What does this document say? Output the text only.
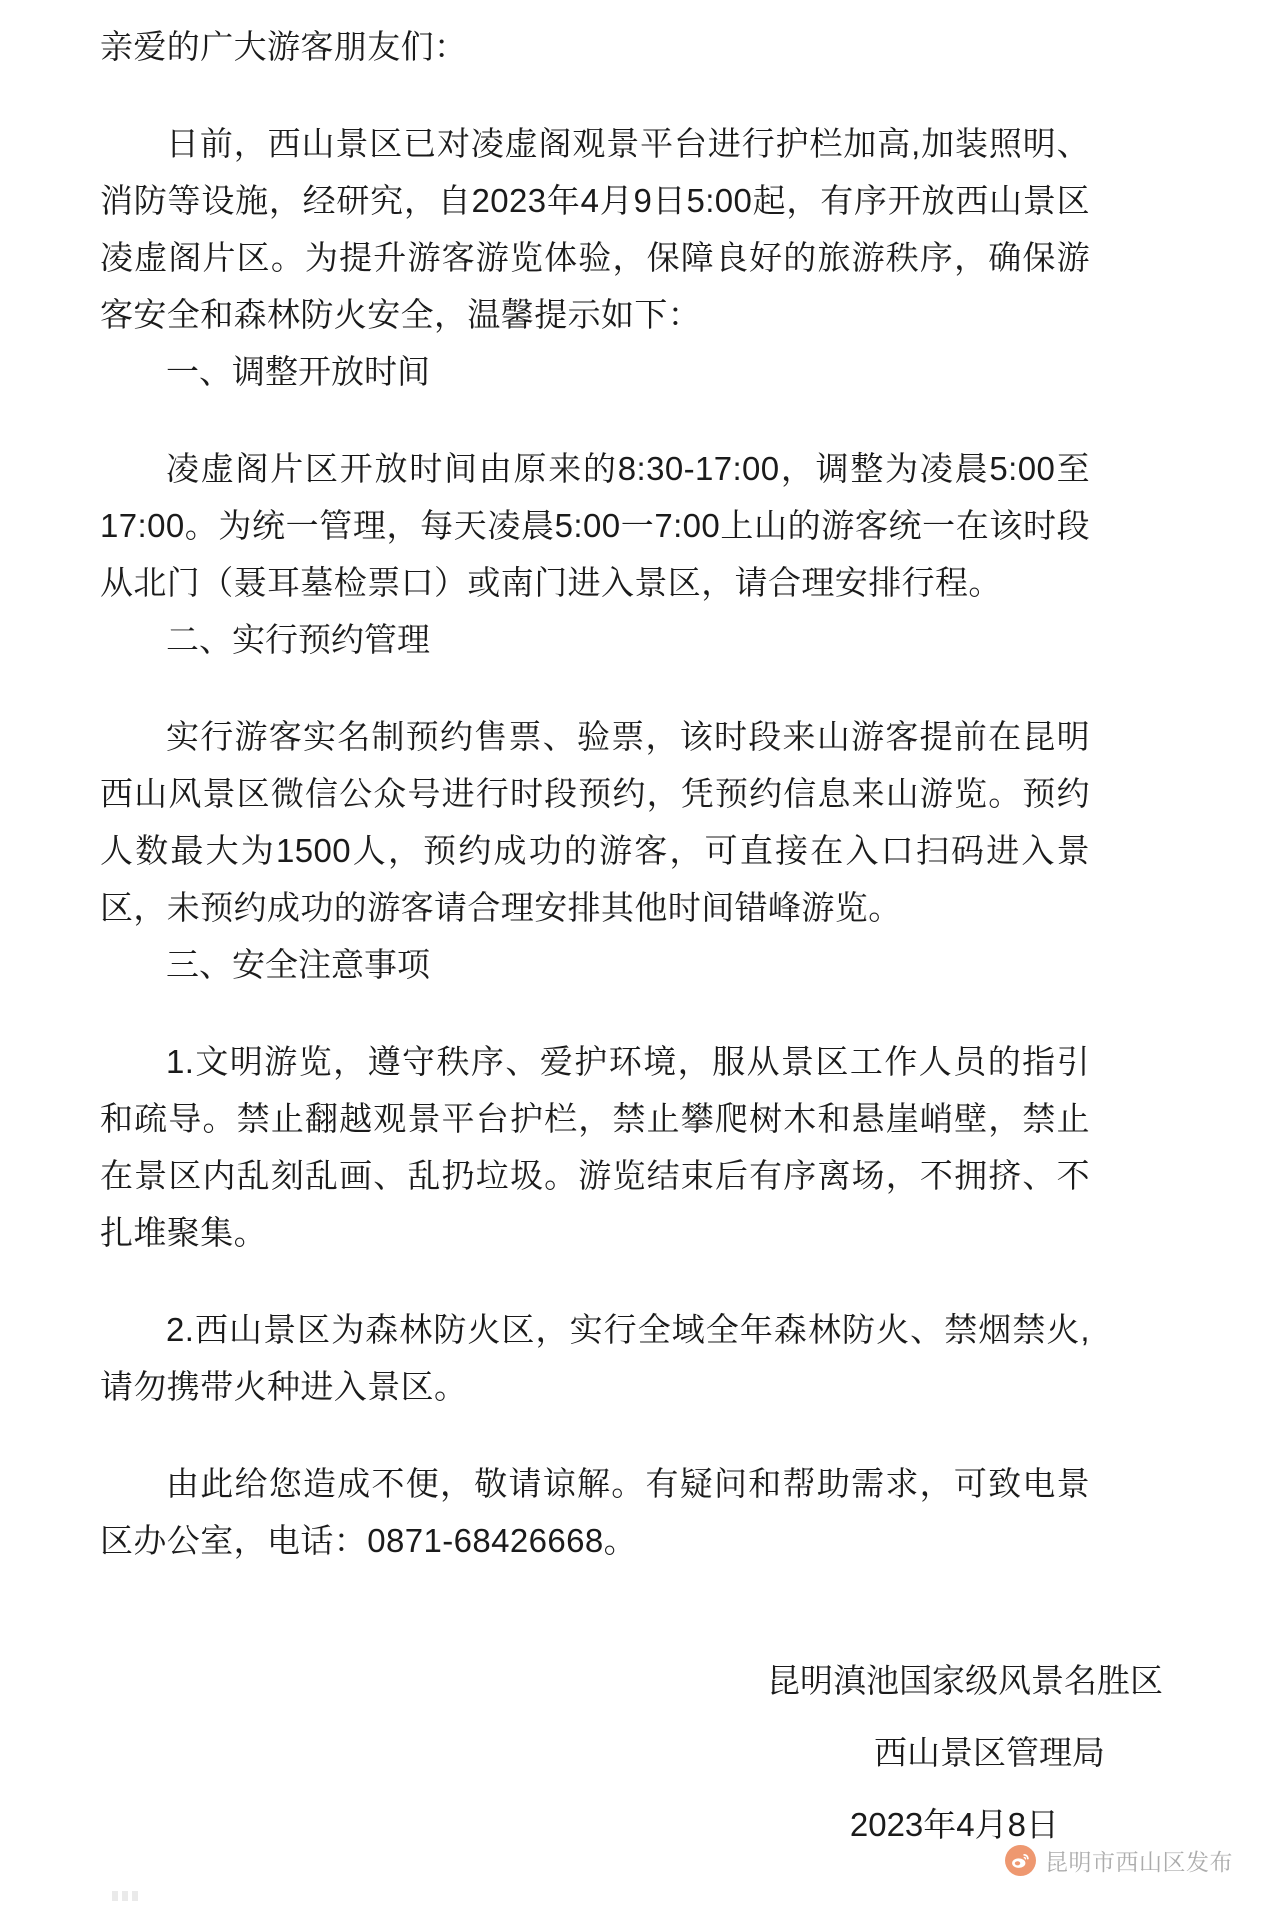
亲爱的广大游客朋友们：

日前，西山景区已对凌虚阁观景平台进行护栏加高,加装照明、消防等设施，经研究，自2023年4月9日5:00起，有序开放西山景区凌虚阁片区。为提升游客游览体验，保障良好的旅游秩序，确保游客安全和森林防火安全，温馨提示如下：

一、调整开放时间

凌虚阁片区开放时间由原来的8:30-17:00，调整为凌晨5:00至17:00。为统一管理，每天凌晨5:00一7:00上山的游客统一在该时段从北门（聂耳墓检票口）或南门进入景区，请合理安排行程。

二、实行预约管理

实行游客实名制预约售票、验票，该时段来山游客提前在昆明西山风景区微信公众号进行时段预约，凭预约信息来山游览。预约人数最大为1500人，预约成功的游客，可直接在入口扫码进入景区，未预约成功的游客请合理安排其他时间错峰游览。

三、安全注意事项

1.文明游览，遵守秩序、爱护环境，服从景区工作人员的指引和疏导。禁止翻越观景平台护栏，禁止攀爬树木和悬崖峭壁，禁止在景区内乱刻乱画、乱扔垃圾。游览结束后有序离场，不拥挤、不扎堆聚集。

2.西山景区为森林防火区，实行全域全年森林防火、禁烟禁火,请勿携带火种进入景区。

由此给您造成不便，敬请谅解。有疑问和帮助需求，可致电景区办公室，电话：0871-68426668。

昆明滇池国家级风景名胜区
西山景区管理局
2023年4月8日
昆明市西山区发布
